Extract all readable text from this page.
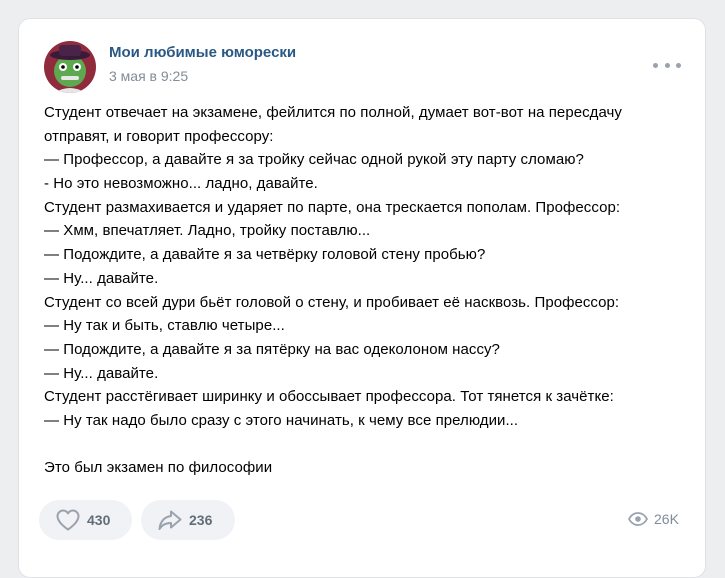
Мои любимые юморески
3 мая в 9:25
Студент отвечает на экзамене, фейлится по полной, думает вот-вот на пересдачу
отправят, и говорит профессору:
— Профессор, а давайте я за тройку сейчас одной рукой эту парту сломаю?
- Но это невозможно... ладно, давайте.
Студент размахивается и ударяет по парте, она трескается пополам. Профессор:
— Хмм, впечатляет. Ладно, тройку поставлю...
— Подождите, а давайте я за четвёрку головой стену пробью?
— Ну... давайте.
Студент со всей дури бьёт головой о стену, и пробивает её насквозь. Профессор:
— Ну так и быть, ставлю четыре...
— Подождите, а давайте я за пятёрку на вас одеколоном нассу?
— Ну... давайте.
Студент расстёгивает ширинку и обоссывает профессора. Тот тянется к зачётке:
— Ну так надо было сразу с этого начинать, к чему все прелюдии...
Это был экзамен по философии
430	236	26K
